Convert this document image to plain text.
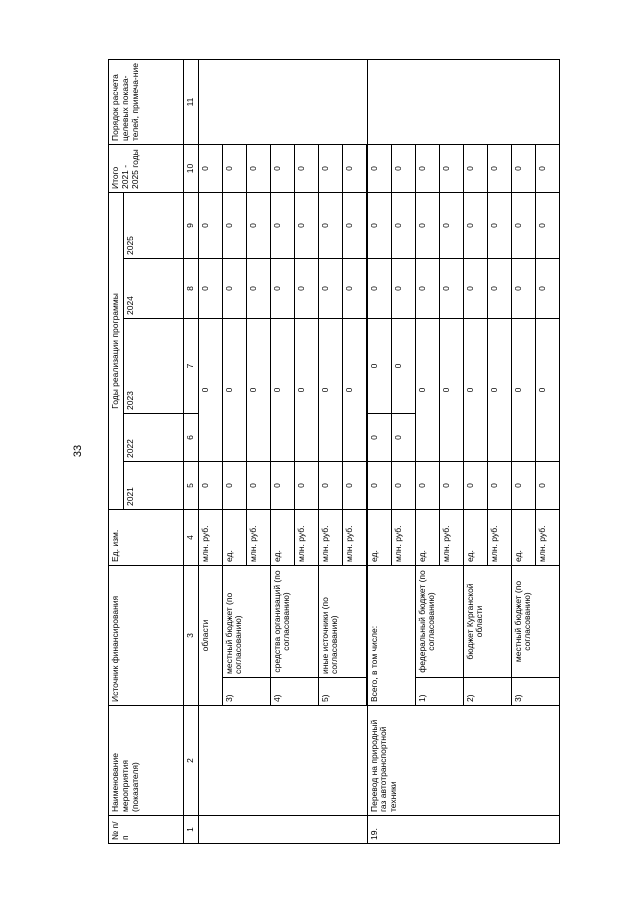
33
№ п/п	Наименование мероприятия (показателя)	Источник финансирования		Ед. изм.	Годы реализации программы					Итого 2021 - 2025 годы	Порядок расчета целевых показа-телей, примеча-ние
					2021	2022	2023	2024	2025		
1	2	3		4	5	6	7	8	9	10	11
		области		млн. руб.	0	0		0	0	0	
		3)	местный бюджет (по согласованию)	ед.	0	0		0	0	0	
				млн. руб.	0	0		0	0	0	
		4)	средства организаций (по согласованию)	ед.	0	0		0	0	0	
				млн. руб.	0	0		0	0	0	
		5)	иные источники (по согласованию)	млн. руб.	0	0		0	0	0	
				млн. руб.	0	0		0	0	0	

19.	Перевод на природный газ автотранспортной техники	Всего, в том числе:		ед.	0	0	0	0	0	0	
				млн. руб.	0	0	0	0	0	0	
		1)	федеральный бюджет (по согласованию)	ед.	0	0		0	0	0	
				млн. руб.	0	0		0	0	0	
		2)	бюджет Курганской области	ед.	0	0		0	0	0	
				млн. руб.	0	0		0	0	0	
		3)	местный бюджет (по согласованию)	ед.	0	0		0	0	0	
				млн. руб.	0	0		0	0	0	
